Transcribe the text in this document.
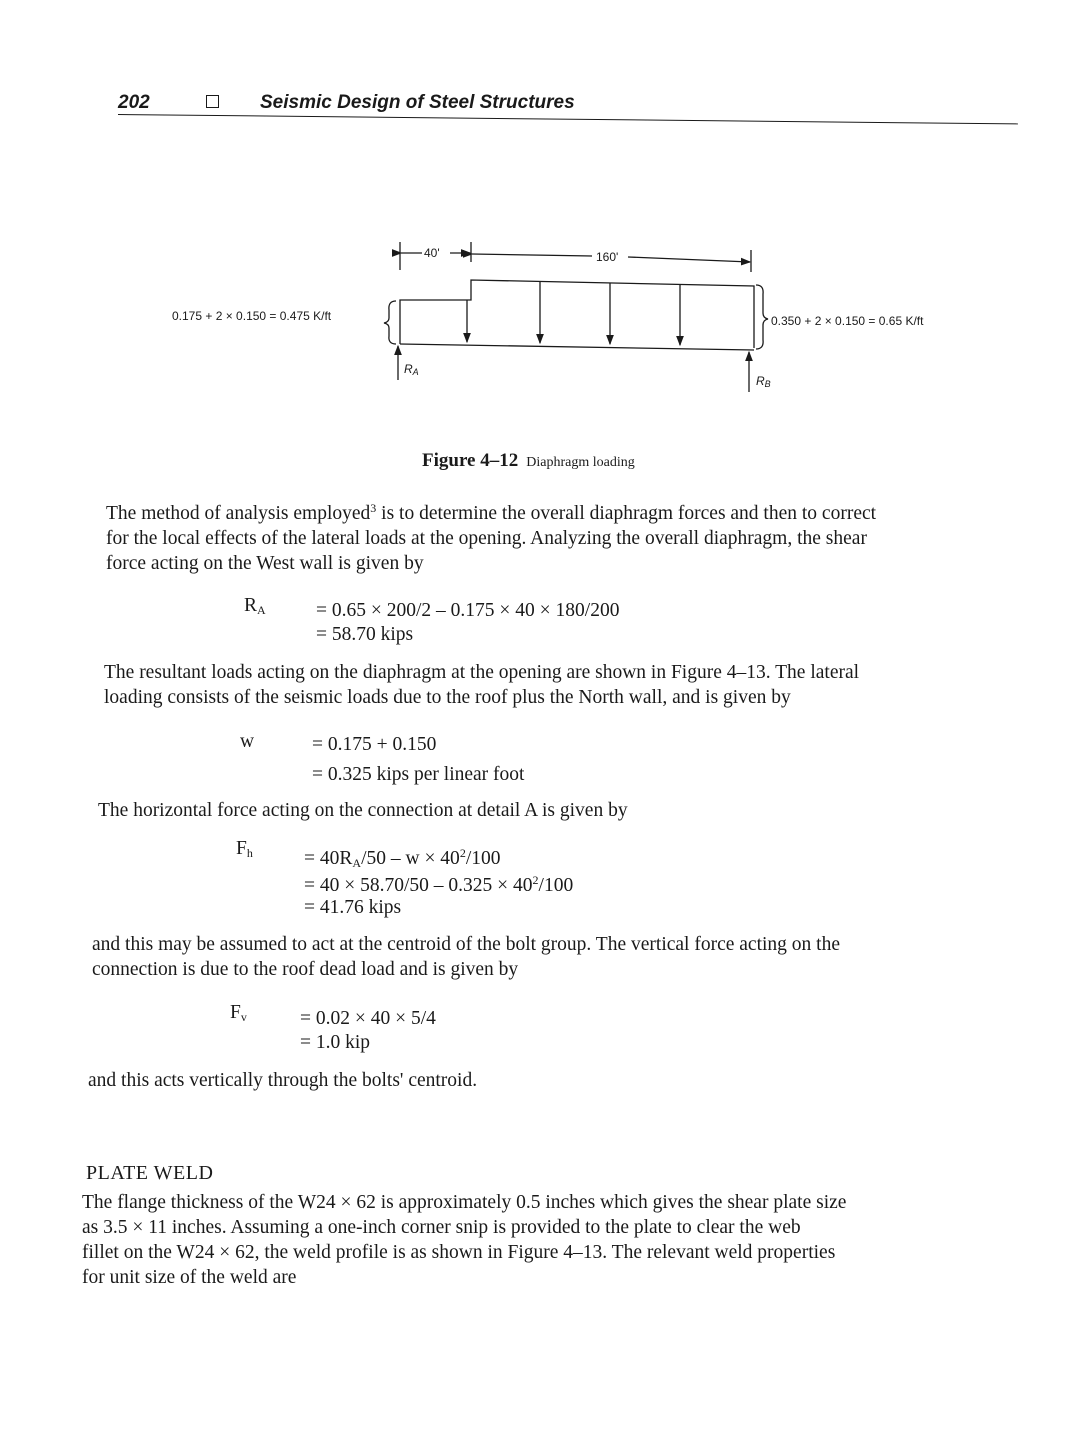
202	Seismic Design of Steel Structures
40'	160'
0.175 + 2 × 0.150 = 0.475 K/ft	0.350 + 2 × 0.150 = 0.65 K/ft
$R_A$
$R_B$
Figure 4–12 Diaphragm loading
The method of analysis employed$^3$ is to determine the overall diaphragm forces and then to correct
for the local effects of the lateral loads at the opening. Analyzing the overall diaphragm, the shear
force acting on the West wall is given by
$R_A$	= 0.65 × 200/2 – 0.175 × 40 × 180/200
= 58.70 kips
The resultant loads acting on the diaphragm at the opening are shown in Figure 4–13. The lateral
loading consists of the seismic loads due to the roof plus the North wall, and is given by
w	= 0.175 + 0.150
= 0.325 kips per linear foot
The horizontal force acting on the connection at detail A is given by
$F_h$	= $40R_A/50 - w \times 40^2/100$
= $40 \times 58.70/50 - 0.325 \times 40^2/100$
= 41.76 kips
and this may be assumed to act at the centroid of the bolt group. The vertical force acting on the
connection is due to the roof dead load and is given by
$F_v$	= 0.02 × 40 × 5/4
= 1.0 kip
and this acts vertically through the bolts' centroid.
PLATE WELD
The flange thickness of the W24 × 62 is approximately 0.5 inches which gives the shear plate size
as 3.5 × 11 inches. Assuming a one-inch corner snip is provided to the plate to clear the web
fillet on the W24 × 62, the weld profile is as shown in Figure 4–13. The relevant weld properties
for unit size of the weld are
